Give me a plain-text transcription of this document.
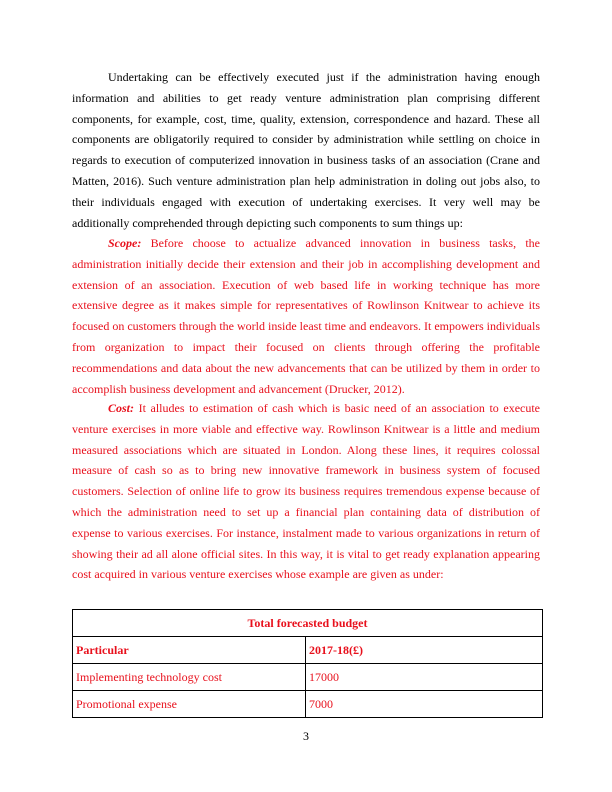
Undertaking can be effectively executed just if the administration having enough information and abilities to get ready venture administration plan comprising different components, for example, cost, time, quality, extension, correspondence and hazard. These all components are obligatorily required to consider by administration while settling on choice in regards to execution of computerized innovation in business tasks of an association (Crane and Matten, 2016). Such venture administration plan help administration in doling out jobs also, to their individuals engaged with execution of undertaking exercises. It very well may be additionally comprehended through depicting such components to sum things up:

Scope: Before choose to actualize advanced innovation in business tasks, the administration initially decide their extension and their job in accomplishing development and extension of an association. Execution of web based life in working technique has more extensive degree as it makes simple for representatives of Rowlinson Knitwear to achieve its focused on customers through the world inside least time and endeavors. It empowers individuals from organization to impact their focused on clients through offering the profitable recommendations and data about the new advancements that can be utilized by them in order to accomplish business development and advancement (Drucker, 2012).

Cost: It alludes to estimation of cash which is basic need of an association to execute venture exercises in more viable and effective way. Rowlinson Knitwear is a little and medium measured associations which are situated in London. Along these lines, it requires colossal measure of cash so as to bring new innovative framework in business system of focused customers. Selection of online life to grow its business requires tremendous expense because of which the administration need to set up a financial plan containing data of distribution of expense to various exercises. For instance, instalment made to various organizations in return of showing their ad all alone official sites. In this way, it is vital to get ready explanation appearing cost acquired in various venture exercises whose example are given as under:

Total forecasted budget	
Particular	2017-18(£)
Implementing technology cost	17000
Promotional expense	7000
3
